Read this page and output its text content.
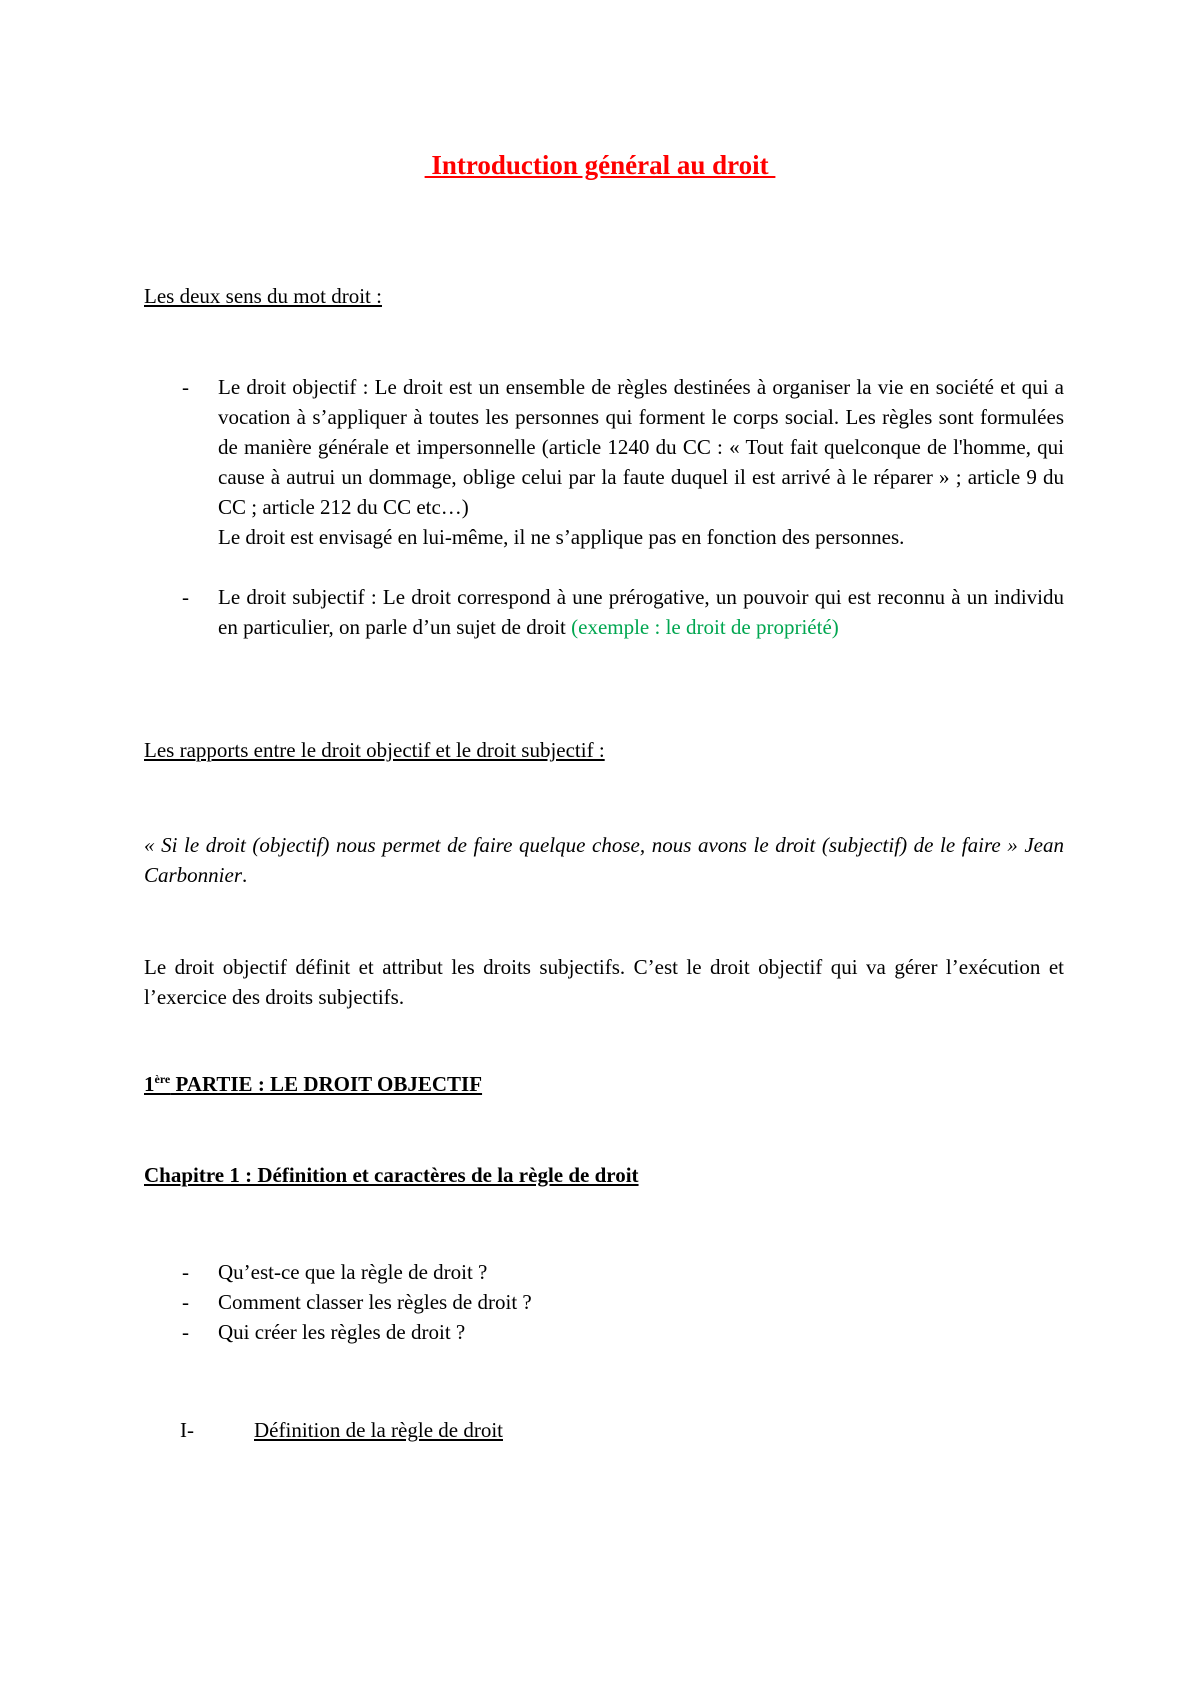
Introduction général au droit
Les deux sens du mot droit :
- Le droit objectif : Le droit est un ensemble de règles destinées à organiser la vie en société et qui a vocation à s’appliquer à toutes les personnes qui forment le corps social. Les règles sont formulées de manière générale et impersonnelle (article 1240 du CC : « Tout fait quelconque de l'homme, qui cause à autrui un dommage, oblige celui par la faute duquel il est arrivé à le réparer » ; article 9 du CC ; article 212 du CC etc…)
Le droit est envisagé en lui-même, il ne s’applique pas en fonction des personnes.
- Le droit subjectif : Le droit correspond à une prérogative, un pouvoir qui est reconnu à un individu en particulier, on parle d’un sujet de droit (exemple : le droit de propriété)
Les rapports entre le droit objectif et le droit subjectif :
« Si le droit (objectif) nous permet de faire quelque chose, nous avons le droit (subjectif) de le faire » Jean Carbonnier.
Le droit objectif définit et attribut les droits subjectifs. C’est le droit objectif qui va gérer l’exécution et l’exercice des droits subjectifs.
1ère PARTIE : LE DROIT OBJECTIF
Chapitre 1 : Définition et caractères de la règle de droit
- Qu’est-ce que la règle de droit ?
- Comment classer les règles de droit ?
- Qui créer les règles de droit ?
I-	Définition de la règle de droit
